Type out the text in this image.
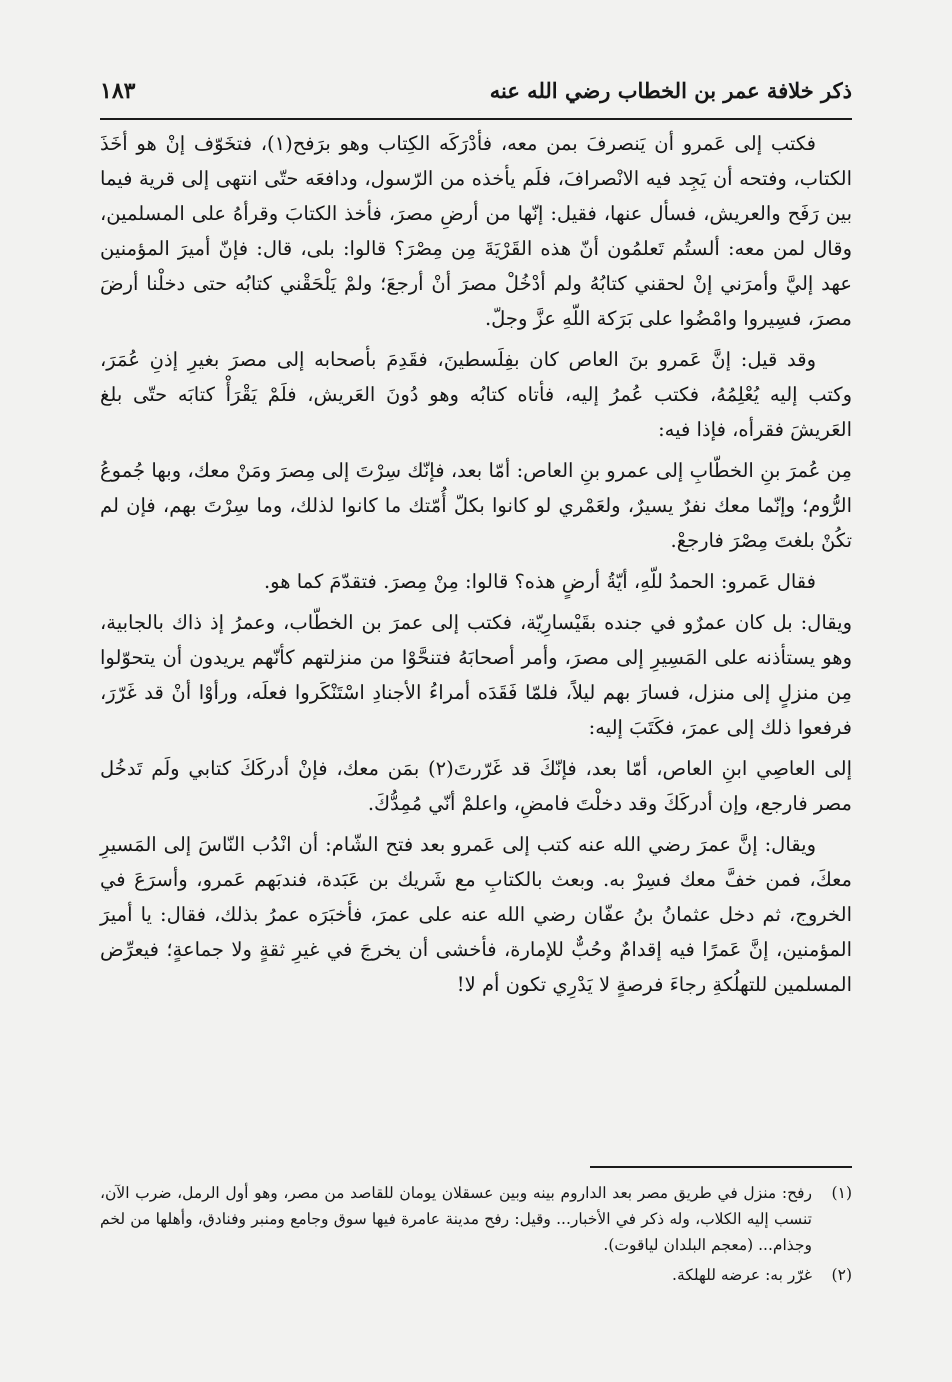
ذكر خلافة عمر بن الخطاب رضي الله عنه
١٨٣

فكتب إلى عَمرو أن يَنصرفَ بمن معه، فأدْرَكَه الكِتاب وهو برَفح(١)، فتخَوّف إنْ هو أخَذَ الكتاب، وفتحه أن يَجِد فيه الانْصرافَ، فلَم يأخذه من الرّسول، ودافعَه حتّى انتهى إلى قرية فيما بين رَفَح والعريش، فسأل عنها، فقيل: إنّها من أرضِ مصرَ، فأخذ الكتابَ وقرأهُ على المسلمين، وقال لمن معه: ألستُم تَعلمُون أنّ هذه القَرْيَةَ مِن مِصْرَ؟ قالوا: بلى، قال: فإنّ أميرَ المؤمنين عهد إليَّ وأمرَني إنْ لحقني كتابُهُ ولم أدْخُلْ مصرَ أنْ أرجعَ؛ ولمْ يَلْحَقْني كتابُه حتى دخلْنا أرضَ مصرَ، فسِيروا وامْضُوا على بَرَكة اللّهِ عزَّ وجلّ.

وقد قيل: إنَّ عَمرو بنَ العاص كان بفِلَسطينَ، فقَدِمَ بأصحابه إلى مصرَ بغيرِ إذنِ عُمَرَ، وكتب إليه يُعْلِمُهُ، فكتب عُمرُ إليه، فأتاه كتابُه وهو دُونَ العَريش، فلَمْ يَقْرَأْ كتابَه حتّى بلغ العَريشَ فقرأه، فإذا فيه:

مِن عُمرَ بنِ الخطّابِ إلى عمرو بنِ العاص: أمّا بعد، فإنّك سِرْتَ إلى مِصرَ ومَنْ معك، وبها جُموعُ الرُّوم؛ وإنّما معك نفرٌ يسيرٌ، ولعَمْري لو كانوا بكلّ أُمّتك ما كانوا لذلك، وما سِرْتَ بهم، فإن لم تكُنْ بلغتَ مِصْرَ فارجعْ.

فقال عَمرو: الحمدُ للّهِ، أيّةُ أرضٍ هذه؟ قالوا: مِنْ مِصرَ. فتقدّمَ كما هو.

ويقال: بل كان عمرٌو في جنده بقَيْسارِيّة، فكتب إلى عمرَ بن الخطّاب، وعمرُ إذ ذاك بالجابية، وهو يستأذنه على المَسِيرِ إلى مصرَ، وأمر أصحابَهُ فتنحَّوْا من منزلتهم كأنّهم يريدون أن يتحوّلوا مِن منزلٍ إلى منزل، فسارَ بهم ليلاً، فلمّا فَقَدَه أمراءُ الأجنادِ اسْتَنْكَروا فعلَه، ورأوْا أنْ قد غَرّرَ، فرفعوا ذلك إلى عمرَ، فكَتَبَ إليه:

إلى العاصِي ابنِ العاص، أمّا بعد، فإنّكَ قد غَرّرتَ(٢) بمَن معك، فإنْ أدركَكَ كتابي ولَم تَدخُل مصر فارجع، وإن أدركَكَ وقد دخلْتَ فامضِ، واعلمْ أنّي مُمِدُّكَ.

ويقال: إنَّ عمرَ رضي الله عنه كتب إلى عَمرو بعد فتح الشّام: أن انْدُب النّاسَ إلى المَسيرِ معكَ، فمن خفَّ معك فسِرْ به. وبعث بالكتابِ مع شَريك بن عَبَدة، فندبَهم عَمرو، وأسرَعَ في الخروج، ثم دخل عثمانُ بنُ عفّان رضي الله عنه على عمرَ، فأخبَرَه عمرُ بذلك، فقال: يا أميرَ المؤمنين، إنَّ عَمرًا فيه إقدامٌ وحُبٌّ للإمارة، فأخشى أن يخرجَ في غيرِ ثقةٍ ولا جماعةٍ؛ فيعرِّض المسلمين للتهلُكةِ رجاءَ فرصةٍ لا يَدْرِي تكون أم لا!

(١)
رفح: منزل في طريق مصر بعد الداروم بينه وبين عسقلان يومان للقاصد من مصر، وهو أول الرمل، ضرب الآن، تنسب إليه الكلاب، وله ذكر في الأخبار... وقيل: رفح مدينة عامرة فيها سوق وجامع ومنبر وفنادق، وأهلها من لخم وجذام... (معجم البلدان لياقوت).
(٢)
غرّر به: عرضه للهلكة.
